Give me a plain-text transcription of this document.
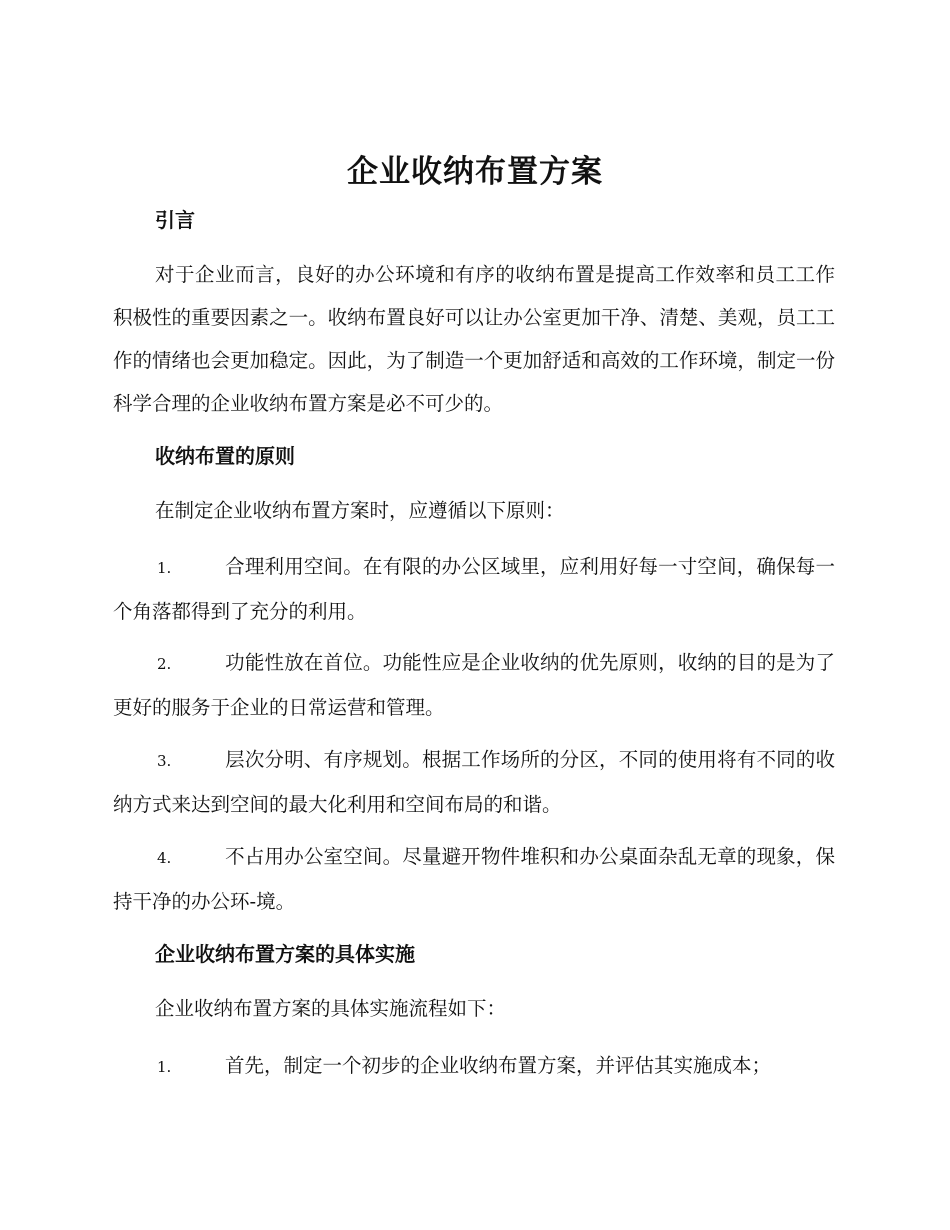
企业收纳布置方案
引言

对于企业而言，良好的办公环境和有序的收纳布置是提高工作效率和员工工作积极性的重要因素之一。收纳布置良好可以让办公室更加干净、清楚、美观，员工工作的情绪也会更加稳定。因此，为了制造一个更加舒适和高效的工作环境，制定一份科学合理的企业收纳布置方案是必不可少的。

收纳布置的原则

在制定企业收纳布置方案时，应遵循以下原则：

1.	合理利用空间。在有限的办公区域里，应利用好每一寸空间，确保每一个角落都得到了充分的利用。

2.	功能性放在首位。功能性应是企业收纳的优先原则，收纳的目的是为了更好的服务于企业的日常运营和管理。

3.	层次分明、有序规划。根据工作场所的分区，不同的使用将有不同的收纳方式来达到空间的最大化利用和空间布局的和谐。

4.	不占用办公室空间。尽量避开物件堆积和办公桌面杂乱无章的现象，保持干净的办公环-境。

企业收纳布置方案的具体实施

企业收纳布置方案的具体实施流程如下：

1.	首先，制定一个初步的企业收纳布置方案，并评估其实施成本；
